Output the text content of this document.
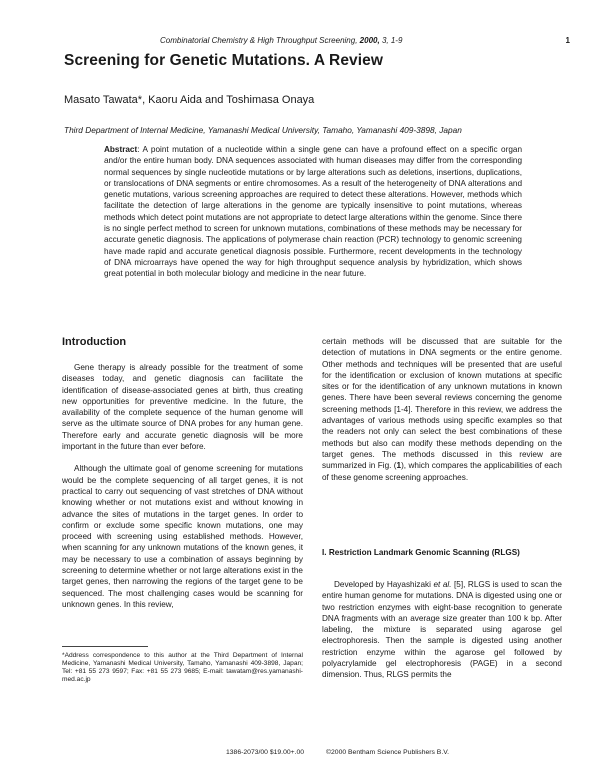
Combinatorial Chemistry & High Throughput Screening, 2000, 3, 1-9	1
Screening for Genetic Mutations. A Review
Masato Tawata*, Kaoru Aida and Toshimasa Onaya
Third Department of Internal Medicine, Yamanashi Medical University, Tamaho, Yamanashi 409-3898, Japan
Abstract: A point mutation of a nucleotide within a single gene can have a profound effect on a specific organ and/or the entire human body. DNA sequences associated with human diseases may differ from the corresponding normal sequences by single nucleotide mutations or by large alterations such as deletions, insertions, duplications, or translocations of DNA segments or entire chromosomes. As a result of the heterogeneity of DNA alterations and genetic mutations, various screening approaches are required to detect these alterations. However, methods which facilitate the detection of large alterations in the genome are typically insensitive to point mutations, whereas methods which detect point mutations are not appropriate to detect large alterations within the genome. Since there is no single perfect method to screen for unknown mutations, combinations of these methods may be necessary for accurate genetic diagnosis. The applications of polymerase chain reaction (PCR) technology to genomic screening have made rapid and accurate genetical diagnosis possible. Furthermore, recent developments in the technology of DNA microarrays have opened the way for high throughput sequence analysis by hybridization, which shows great potential in both molecular biology and medicine in the near future.
Introduction

Gene therapy is already possible for the treatment of some diseases today, and genetic diagnosis can facilitate the identification of disease-associated genes at birth, thus creating new opportunities for preventive medicine. In the future, the availability of the complete sequence of the human genome will serve as the ultimate source of DNA probes for any human gene. Therefore early and accurate genetic diagnosis will be more important in the future than ever before.

Although the ultimate goal of genome screening for mutations would be the complete sequencing of all target genes, it is not practical to carry out sequencing of vast stretches of DNA without knowing whether or not mutations exist and without knowing in advance the sites of mutations in the target genes. In order to confirm or exclude some specific known mutations, one may proceed with screening using established methods. However, when scanning for any unknown mutations of the known genes, it may be necessary to use a combination of assays beginning by screening to determine whether or not large alterations exist in the target genes, then narrowing the regions of the target gene to be sequenced. The most challenging cases would be scanning for unknown genes. In this review,

certain methods will be discussed that are suitable for the detection of mutations in DNA segments or the entire genome. Other methods and techniques will be presented that are useful for the identification or exclusion of known mutations at specific sites or for the identification of any unknown mutations in known genes. There have been several reviews concerning the genome screening methods [1-4]. Therefore in this review, we address the advantages of various methods using specific examples so that the readers not only can select the best combinations of these methods but also can modify these methods depending on the target genes. The methods discussed in this review are summarized in Fig. (1), which compares the applicabilities of each of these genome screening approaches.

I. Restriction Landmark Genomic Scanning (RLGS)

Developed by Hayashizaki et al. [5], RLGS is used to scan the entire human genome for mutations. DNA is digested using one or two restriction enzymes with eight-base recognition to generate DNA fragments with an average size greater than 100 k bp. After labeling, the mixture is separated using agarose gel electrophoresis. Then the sample is digested using another restriction enzyme within the agarose gel followed by polyacrylamide gel electrophoresis (PAGE) in a second dimension. Thus, RLGS permits the

*Address correspondence to this author at the Third Department of Internal Medicine, Yamanashi Medical University, Tamaho, Yamanashi 409-3898, Japan; Tel: +81 55 273 9597; Fax: +81 55 273 9685; E-mail: tawatam@res.yamanashi-med.ac.jp
1386-2073/00 $19.00+.00	©2000 Bentham Science Publishers B.V.
